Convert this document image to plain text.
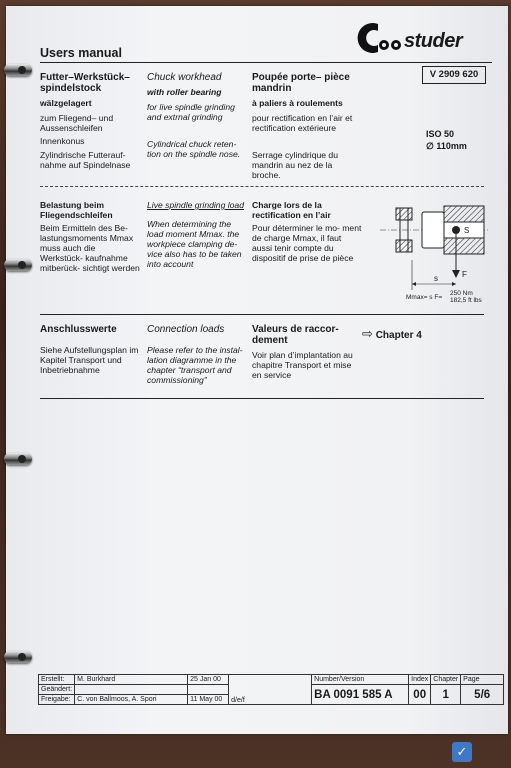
Users manual
studer
V 2909 620
Futter–Werkstück– spindelstock
wälzgelagert
zum Fliegend– und Aussenschleifen
Innenkonus
Zylindrische Futterauf- nahme auf Spindelnase
Chuck workhead
with roller bearing
for live spindle grinding and extrnal grinding
Cylindrical chuck reten- tion on the spindle nose.
Poupée porte– pièce mandrin
à paliers à roulements
pour rectification en l’air et rectification extérieure
Serrage cylindrique du mandrin au nez de la broche.
ISO 50
∅ 110mm
Belastung beim Fliegendschleifen
Beim Ermitteln des Be- lastungsmoments Mmax muss auch die Werkstück- kaufnahme mitberück- sichtigt werden
Live spindle grinding load
When determining the load moment Mmax. the workpiece clamping de- vice also has to be taken into account
Charge lors de la rectification en l’air
Pour déterminer le mo- ment de charge Mmax, il faut aussi tenir compte du dispositif de prise de pièce
S
F
s
Mmax= s F=
250 Nm
182,5 ft lbs
Anschlusswerte
Siehe Aufstellungsplan im Kapitel Transport und Inbetriebnahme
Connection loads
Please refer to the instal- lation diagramme in the chapter “transport and commissioning”
Valeurs de raccor- dement
Voir plan d’implantation au chapitre Transport et mise en service
⇨ Chapter 4
Erstellt:	M. Burkhard	25 Jan 00	d/e/f
Geändert:			
Freigabe:	C. von Ballmoos, A. Spori	11 May 00	
Number/Version	Index	Chapter	Page
BA 0091 585 A	00	1	5/6
✓
